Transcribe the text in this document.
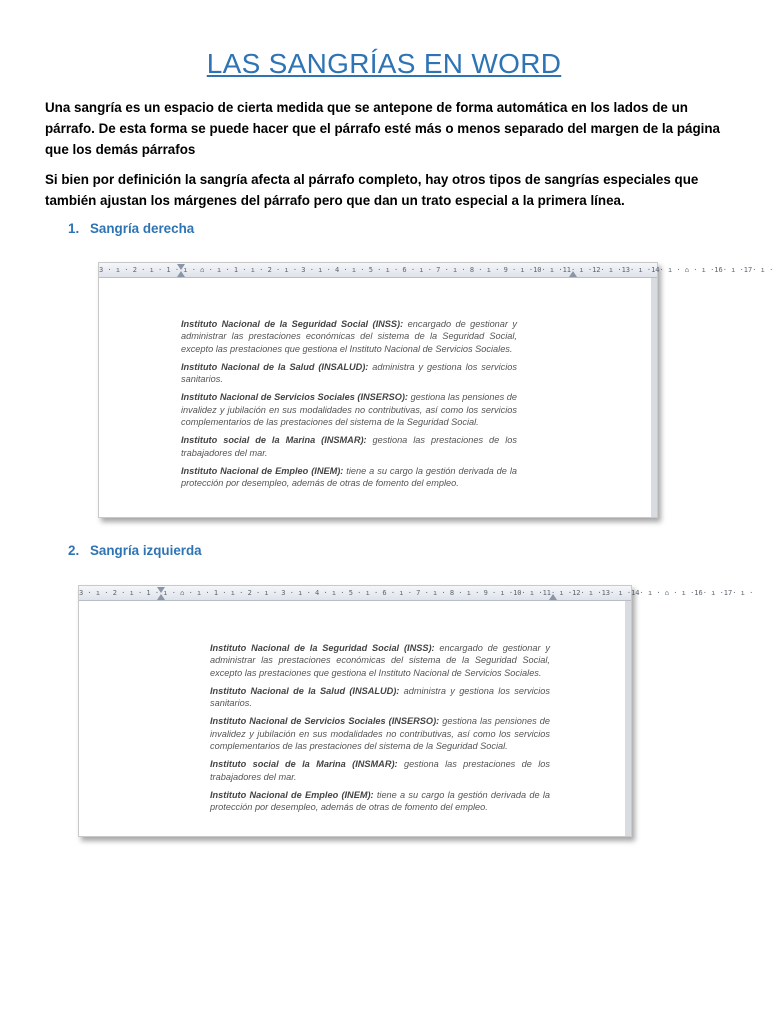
LAS SANGRÍAS EN WORD
Una sangría es un espacio de cierta medida que se antepone de forma automática en los lados de un párrafo. De esta forma se puede hacer que el párrafo esté más o menos separado del margen de la página que los demás párrafos
Si bien por definición la sangría afecta al párrafo completo, hay otros tipos de sangrías especiales que también ajustan los márgenes del párrafo pero que dan un trato especial a la primera línea.
1. Sangría derecha
3 · ı · 2 · ı · 1 · ı · ⌂ · ı · 1 · ı · 2 · ı · 3 · ı · 4 · ı · 5 · ı · 6 · ı · 7 · ı · 8 · ı · 9 · ı ·10· ı ·11· ı ·12· ı ·13· ı ·14· ı · ⌂ · ı ·16· ı ·17· ı ·

Instituto Nacional de la Seguridad Social (INSS): encargado de gestionar y administrar las prestaciones económicas del sistema de la Seguridad Social, excepto las prestaciones que gestiona el Instituto Nacional de Servicios Sociales.

Instituto Nacional de la Salud (INSALUD): administra y gestiona los servicios sanitarios.

Instituto Nacional de Servicios Sociales (INSERSO): gestiona las pensiones de invalidez y jubilación en sus modalidades no contributivas, así como los servicios complementarios de las prestaciones del sistema de la Seguridad Social.

Instituto social de la Marina (INSMAR): gestiona las prestaciones de los trabajadores del mar.

Instituto Nacional de Empleo (INEM): tiene a su cargo la gestión derivada de la protección por desempleo, además de otras de fomento del empleo.

2. Sangría izquierda
3 · ı · 2 · ı · 1 · ı · ⌂ · ı · 1 · ı · 2 · ı · 3 · ı · 4 · ı · 5 · ı · 6 · ı · 7 · ı · 8 · ı · 9 · ı ·10· ı ·11· ı ·12· ı ·13· ı ·14· ı · ⌂ · ı ·16· ı ·17· ı ·

Instituto Nacional de la Seguridad Social (INSS): encargado de gestionar y administrar las prestaciones económicas del sistema de la Seguridad Social, excepto las prestaciones que gestiona el Instituto Nacional de Servicios Sociales.

Instituto Nacional de la Salud (INSALUD): administra y gestiona los servicios sanitarios.

Instituto Nacional de Servicios Sociales (INSERSO): gestiona las pensiones de invalidez y jubilación en sus modalidades no contributivas, así como los servicios complementarios de las prestaciones del sistema de la Seguridad Social.

Instituto social de la Marina (INSMAR): gestiona las prestaciones de los trabajadores del mar.

Instituto Nacional de Empleo (INEM): tiene a su cargo la gestión derivada de la protección por desempleo, además de otras de fomento del empleo.
